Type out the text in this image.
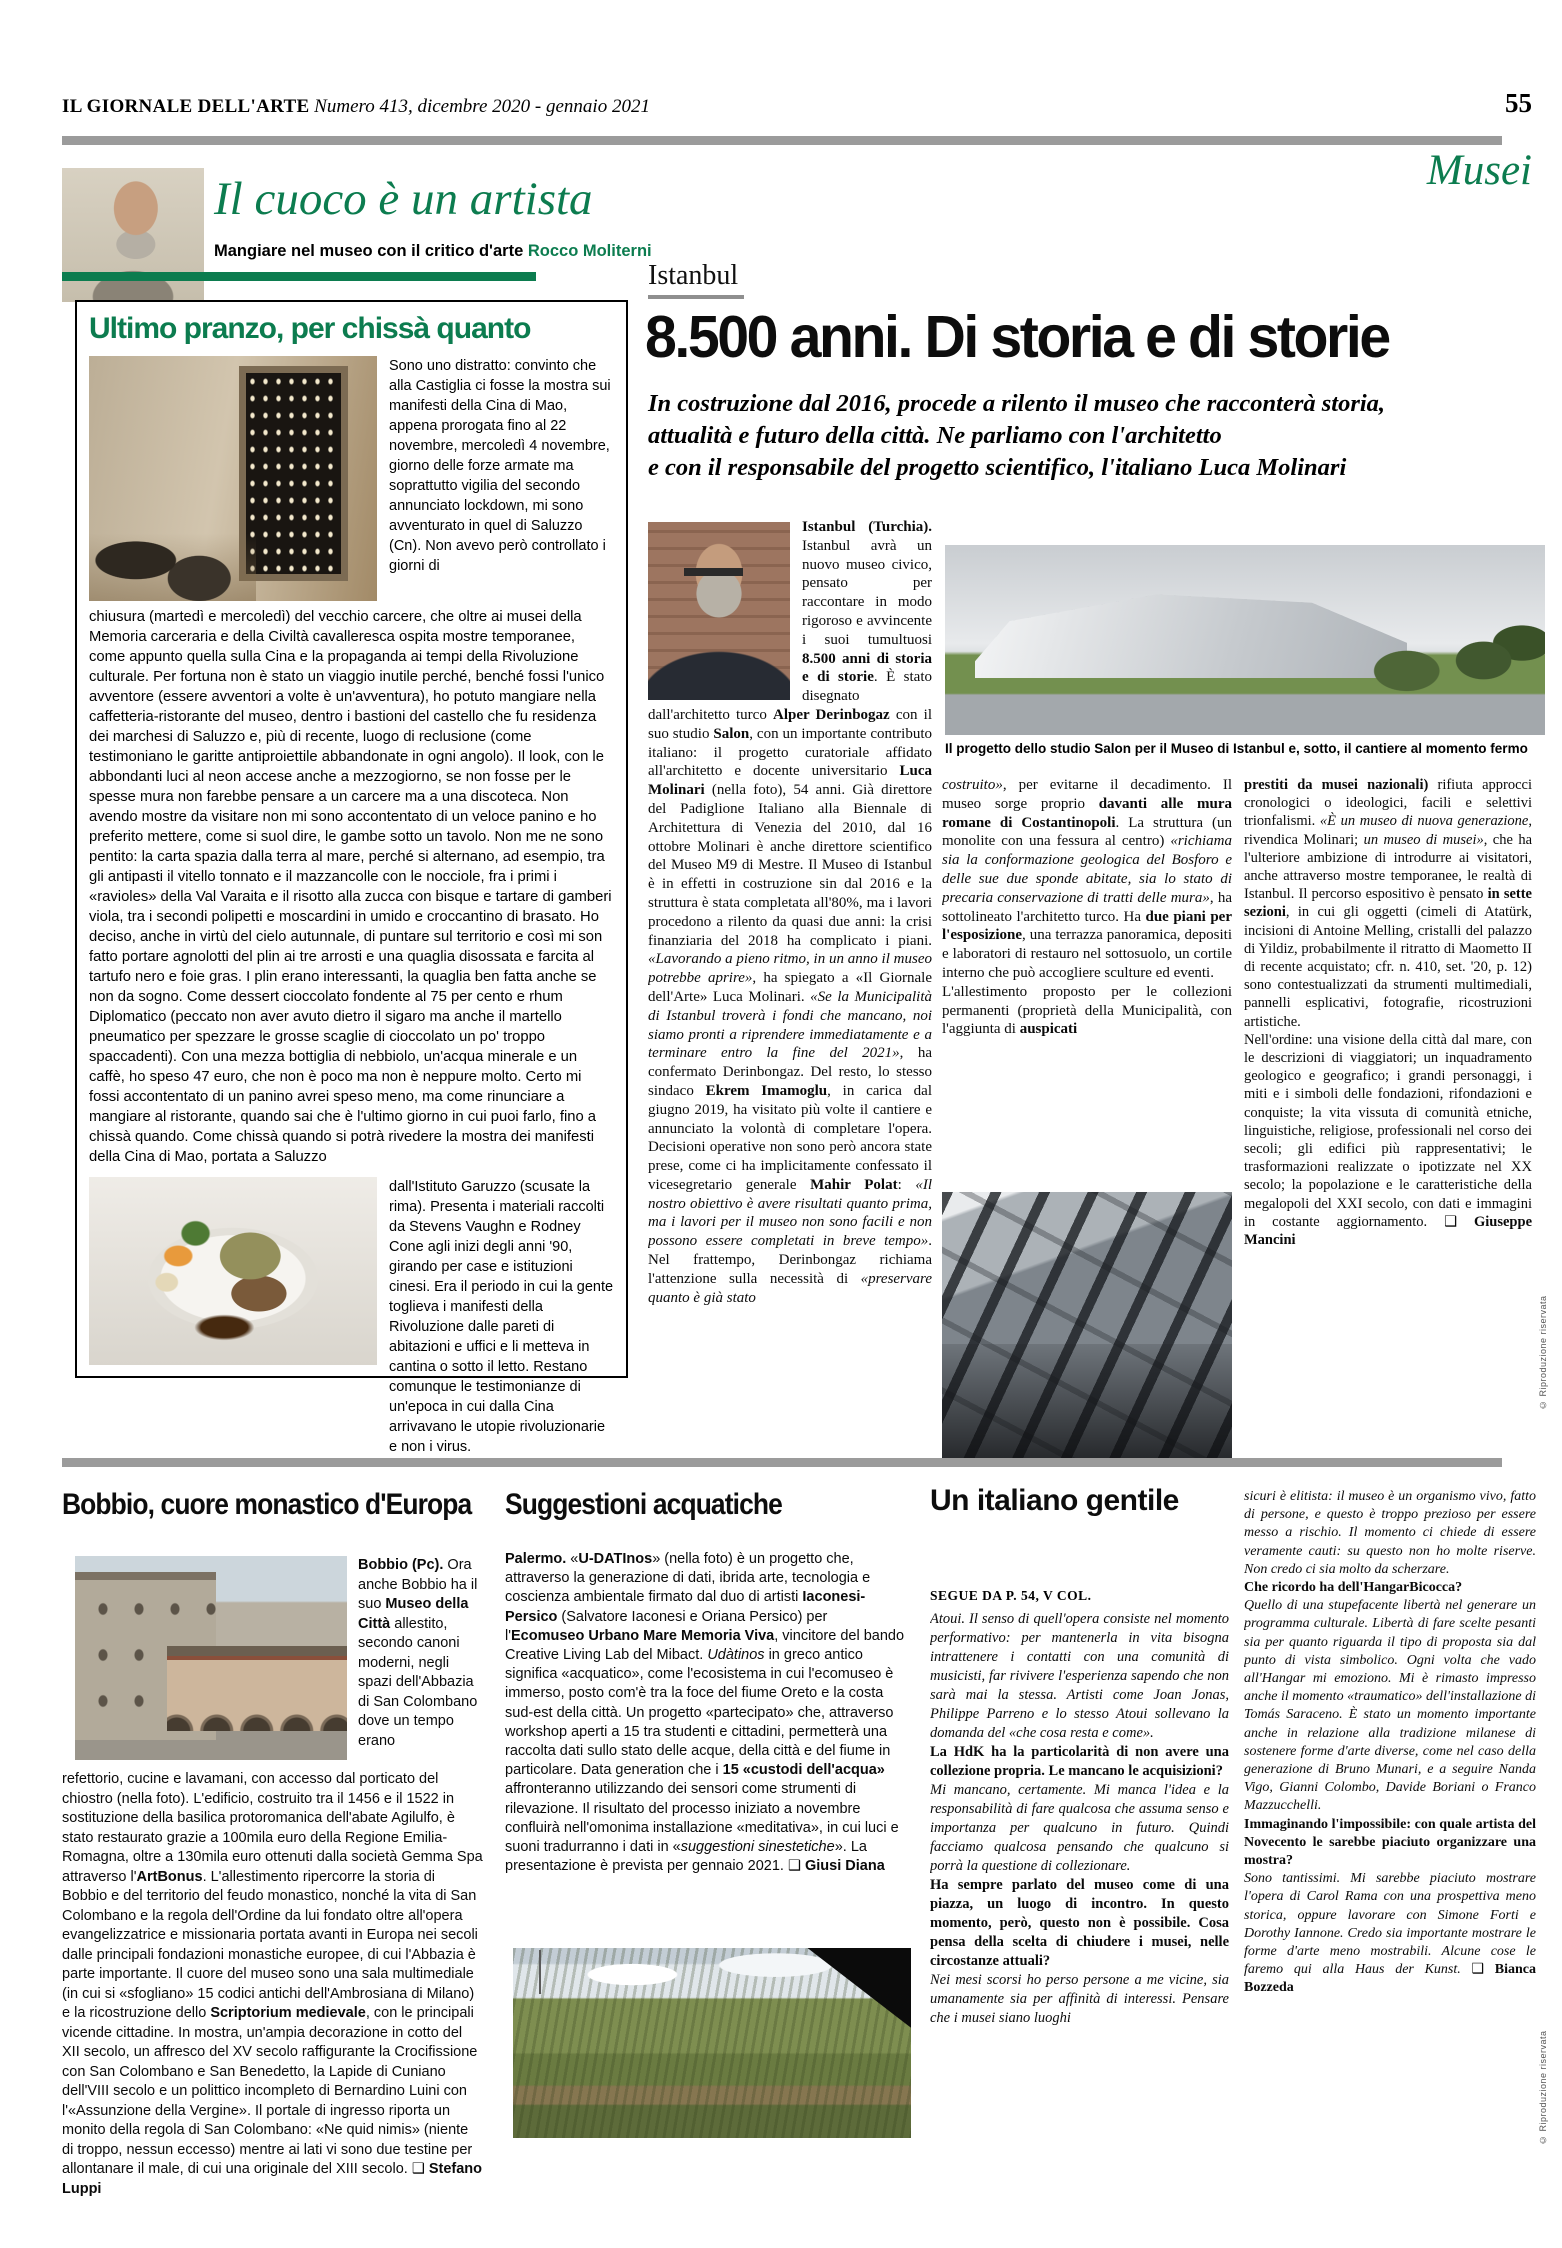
IL GIORNALE DELL'ARTE Numero 413, dicembre 2020 - gennaio 2021	55
Musei
Il cuoco è un artista
Mangiare nel museo con il critico d'arte Rocco Moliterni
Ultimo pranzo, per chissà quanto
Sono uno distratto: convinto che alla Castiglia ci fosse la mostra sui manifesti della Cina di Mao, appena prorogata fino al 22 novembre, mercoledì 4 novembre, giorno delle forze armate ma soprattutto vigilia del secondo annunciato lockdown, mi sono avventurato in quel di Saluzzo (Cn). Non avevo però controllato i giorni di
chiusura (martedì e mercoledì) del vecchio carcere, che oltre ai musei della Memoria carceraria e della Civiltà cavalleresca ospita mostre temporanee, come appunto quella sulla Cina e la propaganda ai tempi della Rivoluzione culturale. Per fortuna non è stato un viaggio inutile perché, benché fossi l'unico avventore (essere avventori a volte è un'avventura), ho potuto mangiare nella caffetteria-ristorante del museo, dentro i bastioni del castello che fu residenza dei marchesi di Saluzzo e, più di recente, luogo di reclusione (come testimoniano le garitte antiproiettile abbandonate in ogni angolo). Il look, con le abbondanti luci al neon accese anche a mezzogiorno, se non fosse per le spesse mura non farebbe pensare a un carcere ma a una discoteca. Non avendo mostre da visitare non mi sono accontentato di un veloce panino e ho preferito mettere, come si suol dire, le gambe sotto un tavolo. Non me ne sono pentito: la carta spazia dalla terra al mare, perché si alternano, ad esempio, tra gli antipasti il vitello tonnato e il mazzancolle con le nocciole, fra i primi i «ravioles» della Val Varaita e il risotto alla zucca con bisque e tartare di gamberi viola, tra i secondi polipetti e moscardini in umido e croccantino di brasato. Ho deciso, anche in virtù del cielo autunnale, di puntare sul territorio e così mi son fatto portare agnolotti del plin ai tre arrosti e una quaglia disossata e farcita al tartufo nero e foie gras. I plin erano interessanti, la quaglia ben fatta anche se non da sogno. Come dessert cioccolato fondente al 75 per cento e rhum Diplomatico (peccato non aver avuto dietro il sigaro ma anche il martello pneumatico per spezzare le grosse scaglie di cioccolato un po' troppo spaccadenti). Con una mezza bottiglia di nebbiolo, un'acqua minerale e un caffè, ho speso 47 euro, che non è poco ma non è neppure molto. Certo mi fossi accontentato di un panino avrei speso meno, ma come rinunciare a mangiare al ristorante, quando sai che è l'ultimo giorno in cui puoi farlo, fino a chissà quando. Come chissà quando si potrà rivedere la mostra dei manifesti della Cina di Mao, portata a Saluzzo
dall'Istituto Garuzzo (scusate la rima). Presenta i materiali raccolti da Stevens Vaughn e Rodney Cone agli inizi degli anni '90, girando per case e istituzioni cinesi. Era il periodo in cui la gente toglieva i manifesti della Rivoluzione dalle pareti di abitazioni e uffici e li metteva in cantina o sotto il letto. Restano comunque le testimonianze di un'epoca in cui dalla Cina arrivavano le utopie rivoluzionarie e non i virus.
Istanbul
8.500 anni. Di storia e di storie
In costruzione dal 2016, procede a rilento il museo che racconterà storia,
attualità e futuro della città. Ne parliamo con l'architetto
e con il responsabile del progetto scientifico, l'italiano Luca Molinari
Istanbul (Turchia). Istanbul avrà un nuovo museo civico, pensato per raccontare in modo rigoroso e avvincente i suoi tumultuosi 8.500 anni di storia e di storie. È stato disegnato dall'architetto turco Alper Derinbogaz con il suo studio Salon, con un importante contributo italiano: il progetto curatoriale affidato all'architetto e docente universitario Luca Molinari (nella foto), 54 anni. Già direttore del Padiglione Italiano alla Biennale di Architettura di Venezia del 2010, dal 16 ottobre Molinari è anche direttore scientifico del Museo M9 di Mestre. Il Museo di Istanbul è in effetti in costruzione sin dal 2016 e la struttura è stata completata all'80%, ma i lavori procedono a rilento da quasi due anni: la crisi finanziaria del 2018 ha complicato i piani. «Lavorando a pieno ritmo, in un anno il museo potrebbe aprire», ha spiegato a «Il Giornale dell'Arte» Luca Molinari. «Se la Municipalità di Istanbul troverà i fondi che mancano, noi siamo pronti a riprendere immediatamente e a terminare entro la fine del 2021», ha confermato Derinbongaz. Del resto, lo stesso sindaco Ekrem Imamoglu, in carica dal giugno 2019, ha visitato più volte il cantiere e annunciato la volontà di completare l'opera. Decisioni operative non sono però ancora state prese, come ci ha implicitamente confessato il vicesegretario generale Mahir Polat: «Il nostro obiettivo è avere risultati quanto prima, ma i lavori per il museo non sono facili e non possono essere completati in breve tempo». Nel frattempo, Derinbongaz richiama l'attenzione sulla necessità di «preservare quanto è già stato
Il progetto dello studio Salon per il Museo di Istanbul e, sotto, il cantiere al momento fermo
costruito», per evitarne il decadimento. Il museo sorge proprio davanti alle mura romane di Costantinopoli. La struttura (un monolite con una fessura al centro) «richiama sia la conformazione geologica del Bosforo e delle sue due sponde abitate, sia lo stato di precaria conservazione di tratti delle mura», ha sottolineato l'architetto turco. Ha due piani per l'esposizione, una terrazza panoramica, depositi e laboratori di restauro nel sottosuolo, un cortile interno che può accogliere sculture ed eventi.
L'allestimento proposto per le collezioni permanenti (proprietà della Municipalità, con l'aggiunta di auspicati
prestiti da musei nazionali) rifiuta approcci cronologici o ideologici, facili e selettivi trionfalismi. «È un museo di nuova generazione, rivendica Molinari; un museo di musei», che ha l'ulteriore ambizione di introdurre ai visitatori, anche attraverso mostre temporanee, le realtà di Istanbul. Il percorso espositivo è pensato in sette sezioni, in cui gli oggetti (cimeli di Atatürk, incisioni di Antoine Melling, cristalli del palazzo di Yildiz, probabilmente il ritratto di Maometto II di recente acquistato; cfr. n. 410, set. '20, p. 12) sono contestualizzati da strumenti multimediali, pannelli esplicativi, fotografie, ricostruzioni artistiche.
Nell'ordine: una visione della città dal mare, con le descrizioni di viaggiatori; un inquadramento geologico e geografico; i grandi personaggi, i miti e i simboli delle fondazioni, rifondazioni e conquiste; la vita vissuta di comunità etniche, linguistiche, religiose, professionali nel corso dei secoli; gli edifici più rappresentativi; le trasformazioni realizzate o ipotizzate nel XX secolo; la popolazione e le caratteristiche della megalopoli del XXI secolo, con dati e immagini in costante aggiornamento. ❑ Giuseppe Mancini
© Riproduzione riservata
Bobbio, cuore monastico d'Europa
Bobbio (Pc). Ora anche Bobbio ha il suo Museo della Città allestito, secondo canoni moderni, negli spazi dell'Abbazia di San Colombano dove un tempo erano
refettorio, cucine e lavamani, con accesso dal porticato del chiostro (nella foto). L'edificio, costruito tra il 1456 e il 1522 in sostituzione della basilica protoromanica dell'abate Agilulfo, è stato restaurato grazie a 100mila euro della Regione Emilia-Romagna, oltre a 130mila euro ottenuti dalla società Gemma Spa attraverso l'ArtBonus. L'allestimento ripercorre la storia di Bobbio e del territorio del feudo monastico, nonché la vita di San Colombano e la regola dell'Ordine da lui fondato oltre all'opera evangelizzatrice e missionaria portata avanti in Europa nei secoli dalle principali fondazioni monastiche europee, di cui l'Abbazia è parte importante. Il cuore del museo sono una sala multimediale (in cui si «sfogliano» 15 codici antichi dell'Ambrosiana di Milano) e la ricostruzione dello Scriptorium medievale, con le principali vicende cittadine. In mostra, un'ampia decorazione in cotto del XII secolo, un affresco del XV secolo raffigurante la Crocifissione con San Colombano e San Benedetto, la Lapide di Cuniano dell'VIII secolo e un polittico incompleto di Bernardino Luini con l'«Assunzione della Vergine». Il portale di ingresso riporta un monito della regola di San Colombano: «Ne quid nimis» (niente di troppo, nessun eccesso) mentre ai lati vi sono due testine per allontanare il male, di cui una originale del XIII secolo. ❑ Stefano Luppi
Suggestioni acquatiche
Palermo. «U-DATInos» (nella foto) è un progetto che, attraverso la generazione di dati, ibrida arte, tecnologia e coscienza ambientale firmato dal duo di artisti Iaconesi-Persico (Salvatore Iaconesi e Oriana Persico) per l'Ecomuseo Urbano Mare Memoria Viva, vincitore del bando Creative Living Lab del Mibact. Udàtinos in greco antico significa «acquatico», come l'ecosistema in cui l'ecomuseo è immerso, posto com'è tra la foce del fiume Oreto e la costa sud-est della città. Un progetto «partecipato» che, attraverso workshop aperti a 15 tra studenti e cittadini, permetterà una raccolta dati sullo stato delle acque, della città e del fiume in particolare. Data generation che i 15 «custodi dell'acqua» affronteranno utilizzando dei sensori come strumenti di rilevazione. Il risultato del processo iniziato a novembre confluirà nell'omonima installazione «meditativa», in cui luci e suoni tradurranno i dati in «suggestioni sinestetiche». La presentazione è prevista per gennaio 2021. ❑ Giusi Diana
Un italiano gentile
SEGUE DA P. 54, V COL.
Atoui. Il senso di quell'opera consiste nel momento performativo: per mantenerla in vita bisogna intrattenere i contatti con una comunità di musicisti, far rivivere l'esperienza sapendo che non sarà mai la stessa. Artisti come Joan Jonas, Philippe Parreno e lo stesso Atoui sollevano la domanda del «che cosa resta e come».
La HdK ha la particolarità di non avere una collezione propria. Le mancano le acquisizioni?
Mi mancano, certamente. Mi manca l'idea e la responsabilità di fare qualcosa che assuma senso e importanza per qualcuno in futuro. Quindi facciamo qualcosa pensando che qualcuno si porrà la questione di collezionare.
Ha sempre parlato del museo come di una piazza, un luogo di incontro. In questo momento, però, questo non è possibile. Cosa pensa della scelta di chiudere i musei, nelle circostanze attuali?
Nei mesi scorsi ho perso persone a me vicine, sia umanamente sia per affinità di interessi. Pensare che i musei siano luoghi
sicuri è elitista: il museo è un organismo vivo, fatto di persone, e questo è troppo prezioso per essere messo a rischio. Il momento ci chiede di essere veramente cauti: su questo non ho molte riserve. Non credo ci sia molto da scherzare.
Che ricordo ha dell'HangarBicocca?
Quello di una stupefacente libertà nel generare un programma culturale. Libertà di fare scelte pesanti sia per quanto riguarda il tipo di proposta sia dal punto di vista simbolico. Ogni volta che vado all'Hangar mi emoziono. Mi è rimasto impresso anche il momento «traumatico» dell'installazione di Tomás Saraceno. È stato un momento importante anche in relazione alla tradizione milanese di sostenere forme d'arte diverse, come nel caso della generazione di Bruno Munari, e a seguire Nanda Vigo, Gianni Colombo, Davide Boriani o Franco Mazzucchelli.
Immaginando l'impossibile: con quale artista del Novecento le sarebbe piaciuto organizzare una mostra?
Sono tantissimi. Mi sarebbe piaciuto mostrare l'opera di Carol Rama con una prospettiva meno storica, oppure lavorare con Simone Forti e Dorothy Iannone. Credo sia importante mostrare le forme d'arte meno mostrabili. Alcune cose le faremo qui alla Haus der Kunst. ❑ Bianca Bozzeda
© Riproduzione riservata
